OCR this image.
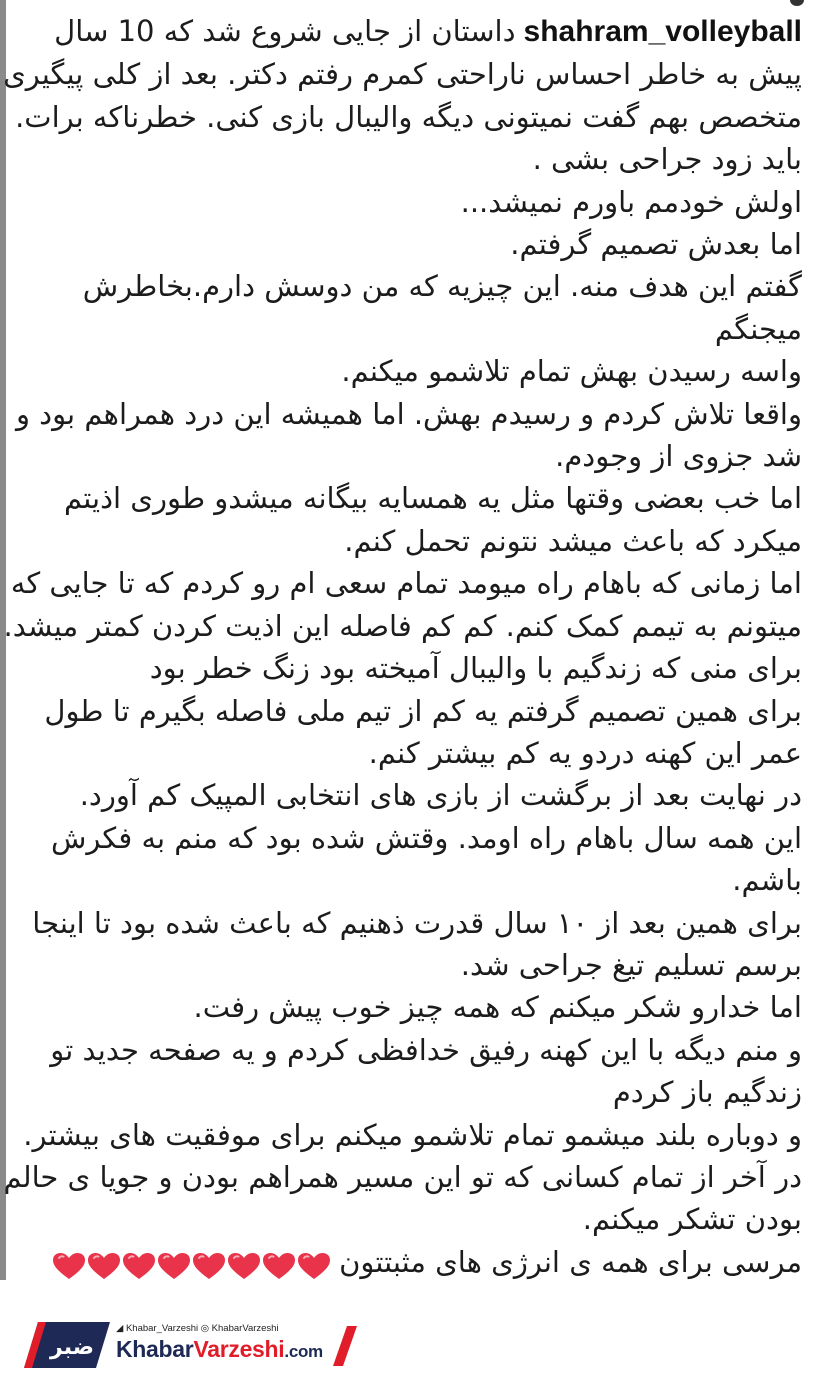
shahram_volleyballداستان از جایی شروع شد که 10 سال
پیش به خاطر احساس ناراحتی کمرم رفتم دکتر. بعد از کلی پیگیری
متخصص بهم گفت نمیتونی دیگه والیبال بازی کنی. خطرناکه برات.
باید زود جراحی بشی .
اولش خودمم باورم نمیشد...
اما بعدش تصمیم گرفتم.
گفتم این هدف منه. این چیزیه که من دوسش دارم.بخاطرش
میجنگم
واسه رسیدن بهش تمام تلاشمو میکنم.
واقعا تلاش کردم و رسیدم بهش. اما همیشه این درد همراهم بود و
شد جزوی از وجودم.
اما خب بعضی وقتها مثل یه همسایه بیگانه میشدو طوری اذیتم
میکرد که باعث میشد نتونم تحمل کنم.
اما زمانی که باهام راه میومد تمام سعی ام رو کردم که تا جایی که
میتونم به تیمم کمک کنم. کم کم فاصله این اذیت کردن کمتر میشد.
برای منی که زندگیم با والیبال آمیخته بود زنگ خطر بود
برای همین تصمیم گرفتم یه کم از تیم ملی فاصله بگیرم تا طول
عمر این کهنه دردو یه کم بیشتر کنم.
در نهایت بعد از برگشت از بازی های انتخابی المپیک کم آورد.
این همه سال باهام راه اومد. وقتش شده بود که منم به فکرش
باشم.
برای همین بعد از ۱۰ سال قدرت ذهنیم که باعث شده بود تا اینجا
برسم تسلیم تیغ جراحی شد.
اما خدارو شکر میکنم که همه چیز خوب پیش رفت.
و منم دیگه با این کهنه رفیق خدافظی کردم و یه صفحه جدید تو
زندگیم باز کردم
و دوباره بلند میشمو تمام تلاشمو میکنم برای موفقیت های بیشتر.
در آخر از تمام کسانی که تو این مسیر همراهم بودن و جویا ی حالم
بودن تشکر میکنم.
مرسی برای همه ی انرژی های مثبتتون
ضبر
◢ Khabar_Varzeshi ◎ KhabarVarzeshi
KhabarVarzeshi.com
